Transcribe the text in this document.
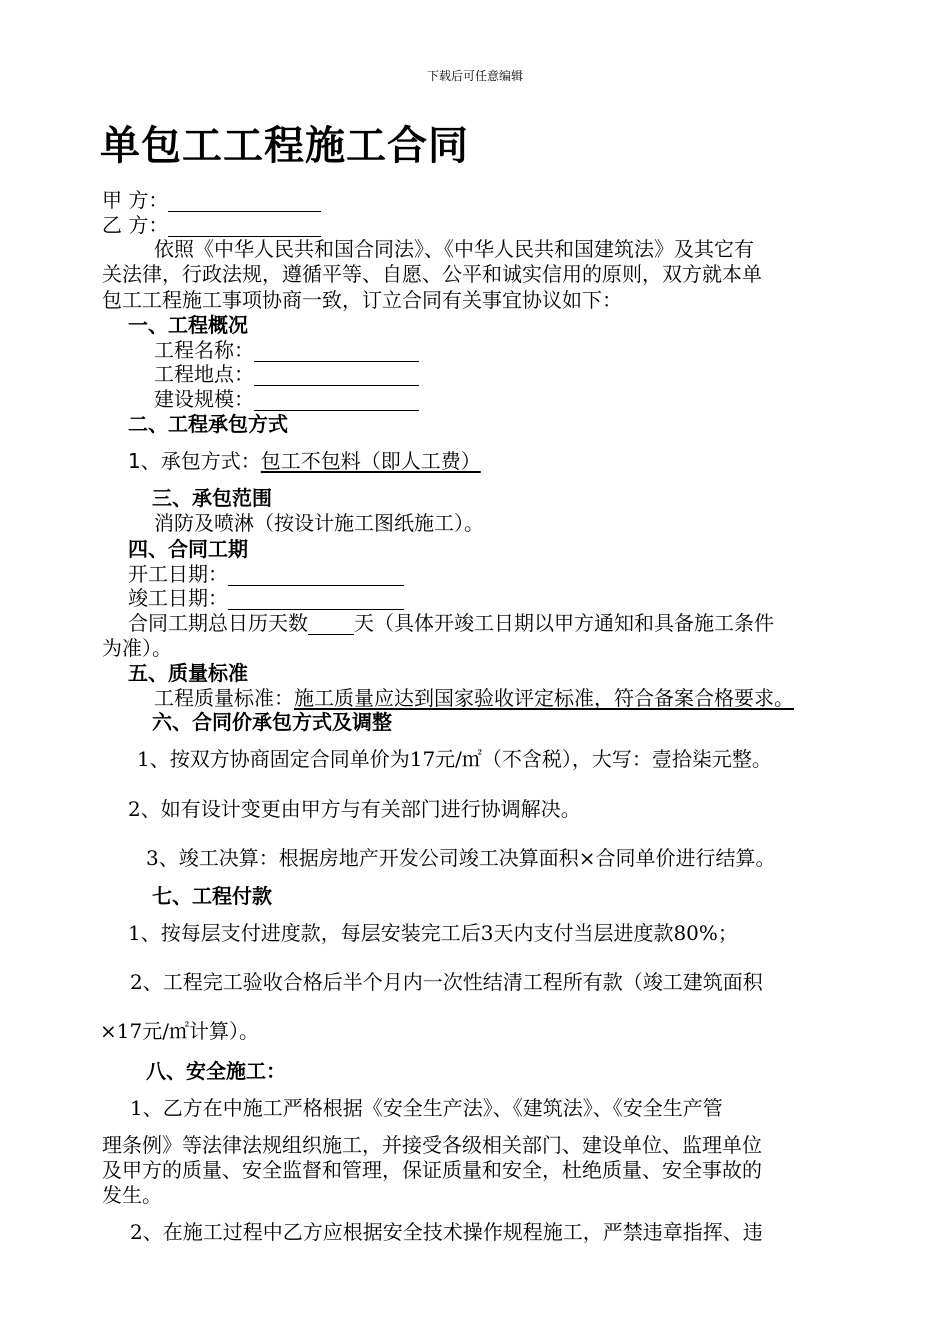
下载后可任意编辑
单包工工程施工合同
甲 方：
乙 方：
依照《中华人民共和国合同法》、《中华人民共和国建筑法》及其它有
关法律，行政法规，遵循平等、自愿、公平和诚实信用的原则，双方就本单
包工工程施工事项协商一致，订立合同有关事宜协议如下：
一、工程概况
工程名称：
工程地点：
建设规模：
二、工程承包方式
1、承包方式：包工不包料（即人工费）
三、承包范围
消防及喷淋（按设计施工图纸施工）。
四、合同工期
开工日期：
竣工日期：
合同工期总日历天数 天（具体开竣工日期以甲方通知和具备施工条件
为准）。
五、质量标准
工程质量标准：施工质量应达到国家验收评定标准，符合备案合格要求。
六、合同价承包方式及调整
1、按双方协商固定合同单价为17元/㎡（不含税），大写：壹拾柒元整。
2、如有设计变更由甲方与有关部门进行协调解决。
3、竣工决算：根据房地产开发公司竣工决算面积×合同单价进行结算。
七、工程付款
1、按每层支付进度款，每层安装完工后3天内支付当层进度款80%；
2、工程完工验收合格后半个月内一次性结清工程所有款（竣工建筑面积
×17元/㎡计算）。
八、安全施工：
1、乙方在中施工严格根据《安全生产法》、《建筑法》、《安全生产管
理条例》等法律法规组织施工，并接受各级相关部门、建设单位、监理单位
及甲方的质量、安全监督和管理，保证质量和安全，杜绝质量、安全事故的
发生。
2、在施工过程中乙方应根据安全技术操作规程施工，严禁违章指挥、违
